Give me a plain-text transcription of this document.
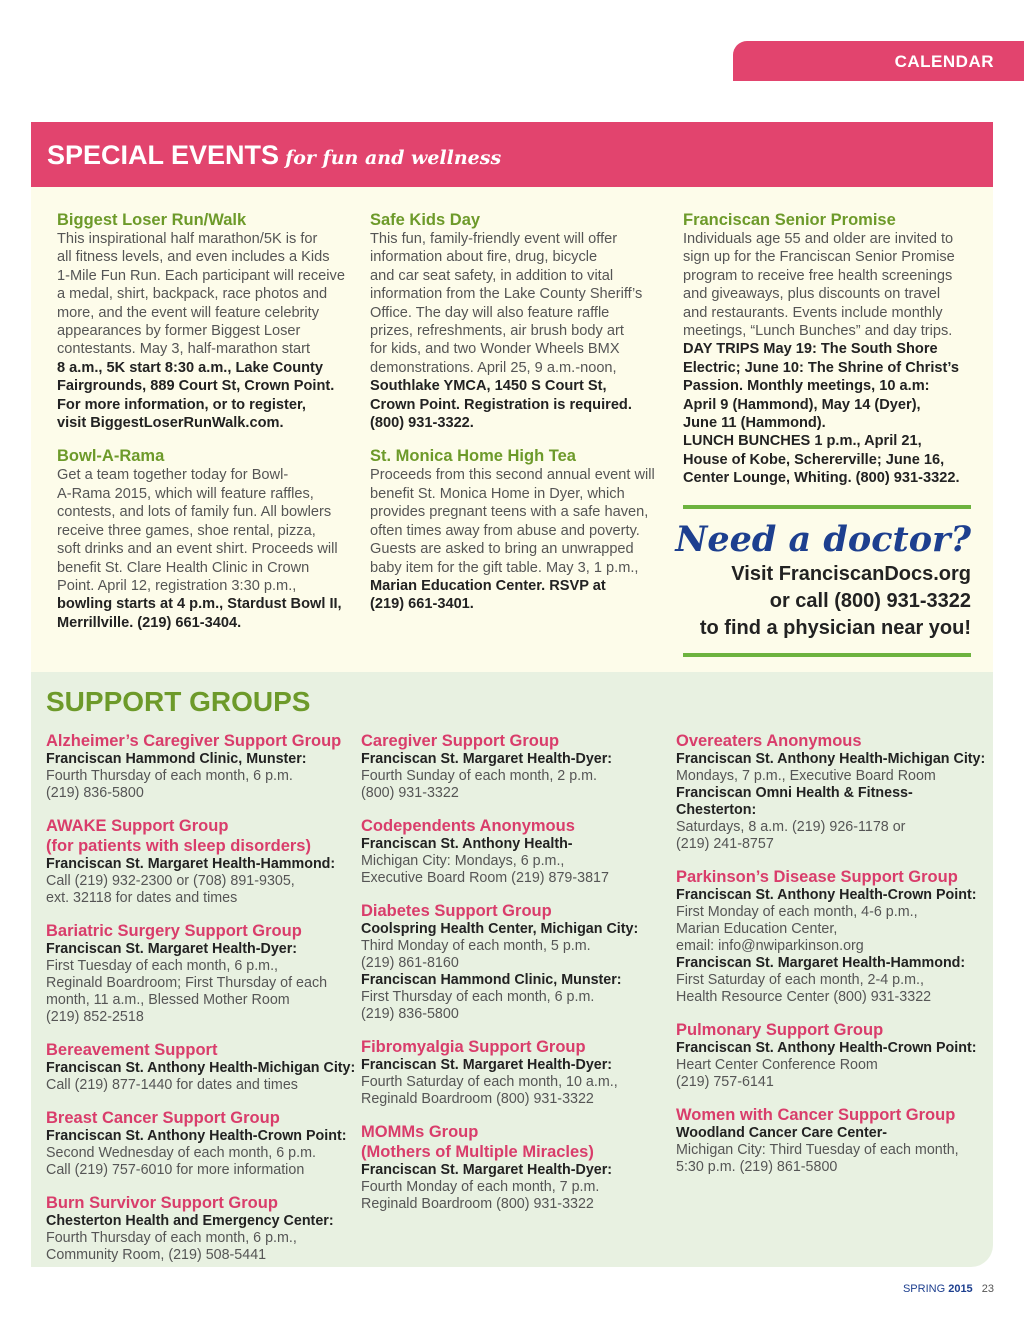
CALENDAR
SPECIAL EVENTS for fun and wellness
Biggest Loser Run/Walk

This inspirational half marathon/5K is for

all fitness levels, and even includes a Kids

1-Mile Fun Run. Each participant will receive

a medal, shirt, backpack, race photos and

more, and the event will feature celebrity

appearances by former Biggest Loser

contestants. May 3, half-marathon start

8 a.m., 5K start 8:30 a.m., Lake County

Fairgrounds, 889 Court St, Crown Point.

For more information, or to register,

visit BiggestLoserRunWalk.com.

Bowl-A-Rama

Get a team together today for Bowl-

A-Rama 2015, which will feature raffles,

contests, and lots of family fun. All bowlers

receive three games, shoe rental, pizza,

soft drinks and an event shirt. Proceeds will

benefit St. Clare Health Clinic in Crown

Point. April 12, registration 3:30 p.m.,

bowling starts at 4 p.m., Stardust Bowl II,

Merrillville. (219) 661-3404.

Safe Kids Day

This fun, family-friendly event will offer

information about fire, drug, bicycle

and car seat safety, in addition to vital

information from the Lake County Sheriff’s

Office. The day will also feature raffle

prizes, refreshments, air brush body art

for kids, and two Wonder Wheels BMX

demonstrations. April 25, 9 a.m.-noon,

Southlake YMCA, 1450 S Court St,

Crown Point. Registration is required.

(800) 931-3322.

St. Monica Home High Tea

Proceeds from this second annual event will

benefit St. Monica Home in Dyer, which

provides pregnant teens with a safe haven,

often times away from abuse and poverty.

Guests are asked to bring an unwrapped

baby item for the gift table. May 3, 1 p.m.,

Marian Education Center. RSVP at

(219) 661-3401.

Franciscan Senior Promise

Individuals age 55 and older are invited to

sign up for the Franciscan Senior Promise

program to receive free health screenings

and giveaways, plus discounts on travel

and restaurants. Events include monthly

meetings, “Lunch Bunches” and day trips.

DAY TRIPS May 19: The South Shore

Electric; June 10: The Shrine of Christ’s

Passion. Monthly meetings, 10 a.m:

April 9 (Hammond), May 14 (Dyer),

June 11 (Hammond).

LUNCH BUNCHES 1 p.m., April 21,

House of Kobe, Schererville; June 16,

Center Lounge, Whiting. (800) 931-3322.

Need a doctor?
Visit FranciscanDocs.org
or call (800) 931-3322
to find a physician near you!
SUPPORT GROUPS
Alzheimer’s Caregiver Support Group
Franciscan Hammond Clinic, Munster:
Fourth Thursday of each month, 6 p.m.
(219) 836-5800
AWAKE Support Group
(for patients with sleep disorders)
Franciscan St. Margaret Health-Hammond:
Call (219) 932-2300 or (708) 891-9305,
ext. 32118 for dates and times
Bariatric Surgery Support Group
Franciscan St. Margaret Health-Dyer:
First Tuesday of each month, 6 p.m.,
Reginald Boardroom; First Thursday of each
month, 11 a.m., Blessed Mother Room
(219) 852-2518
Bereavement Support
Franciscan St. Anthony Health-Michigan City:
Call (219) 877-1440 for dates and times
Breast Cancer Support Group
Franciscan St. Anthony Health-Crown Point:
Second Wednesday of each month, 6 p.m.
Call (219) 757-6010 for more information
Burn Survivor Support Group
Chesterton Health and Emergency Center:
Fourth Thursday of each month, 6 p.m.,
Community Room, (219) 508-5441
Caregiver Support Group
Franciscan St. Margaret Health-Dyer:
Fourth Sunday of each month, 2 p.m.
(800) 931-3322
Codependents Anonymous
Franciscan St. Anthony Health-
Michigan City: Mondays, 6 p.m.,
Executive Board Room (219) 879-3817
Diabetes Support Group
Coolspring Health Center, Michigan City:
Third Monday of each month, 5 p.m.
(219) 861-8160
Franciscan Hammond Clinic, Munster:
First Thursday of each month, 6 p.m.
(219) 836-5800
Fibromyalgia Support Group
Franciscan St. Margaret Health-Dyer:
Fourth Saturday of each month, 10 a.m.,
Reginald Boardroom (800) 931-3322
MOMMs Group
(Mothers of Multiple Miracles)
Franciscan St. Margaret Health-Dyer:
Fourth Monday of each month, 7 p.m.
Reginald Boardroom (800) 931-3322
Overeaters Anonymous
Franciscan St. Anthony Health-Michigan City:
Mondays, 7 p.m., Executive Board Room
Franciscan Omni Health & Fitness-Chesterton:
Saturdays, 8 a.m. (219) 926-1178 or
(219) 241-8757
Parkinson’s Disease Support Group
Franciscan St. Anthony Health-Crown Point:
First Monday of each month, 4-6 p.m.,
Marian Education Center,
email: info@nwiparkinson.org
Franciscan St. Margaret Health-Hammond:
First Saturday of each month, 2-4 p.m.,
Health Resource Center (800) 931-3322
Pulmonary Support Group
Franciscan St. Anthony Health-Crown Point:
Heart Center Conference Room
(219) 757-6141
Women with Cancer Support Group
Woodland Cancer Care Center-
Michigan City: Third Tuesday of each month,
5:30 p.m. (219) 861-5800
SPRING 2015 23
